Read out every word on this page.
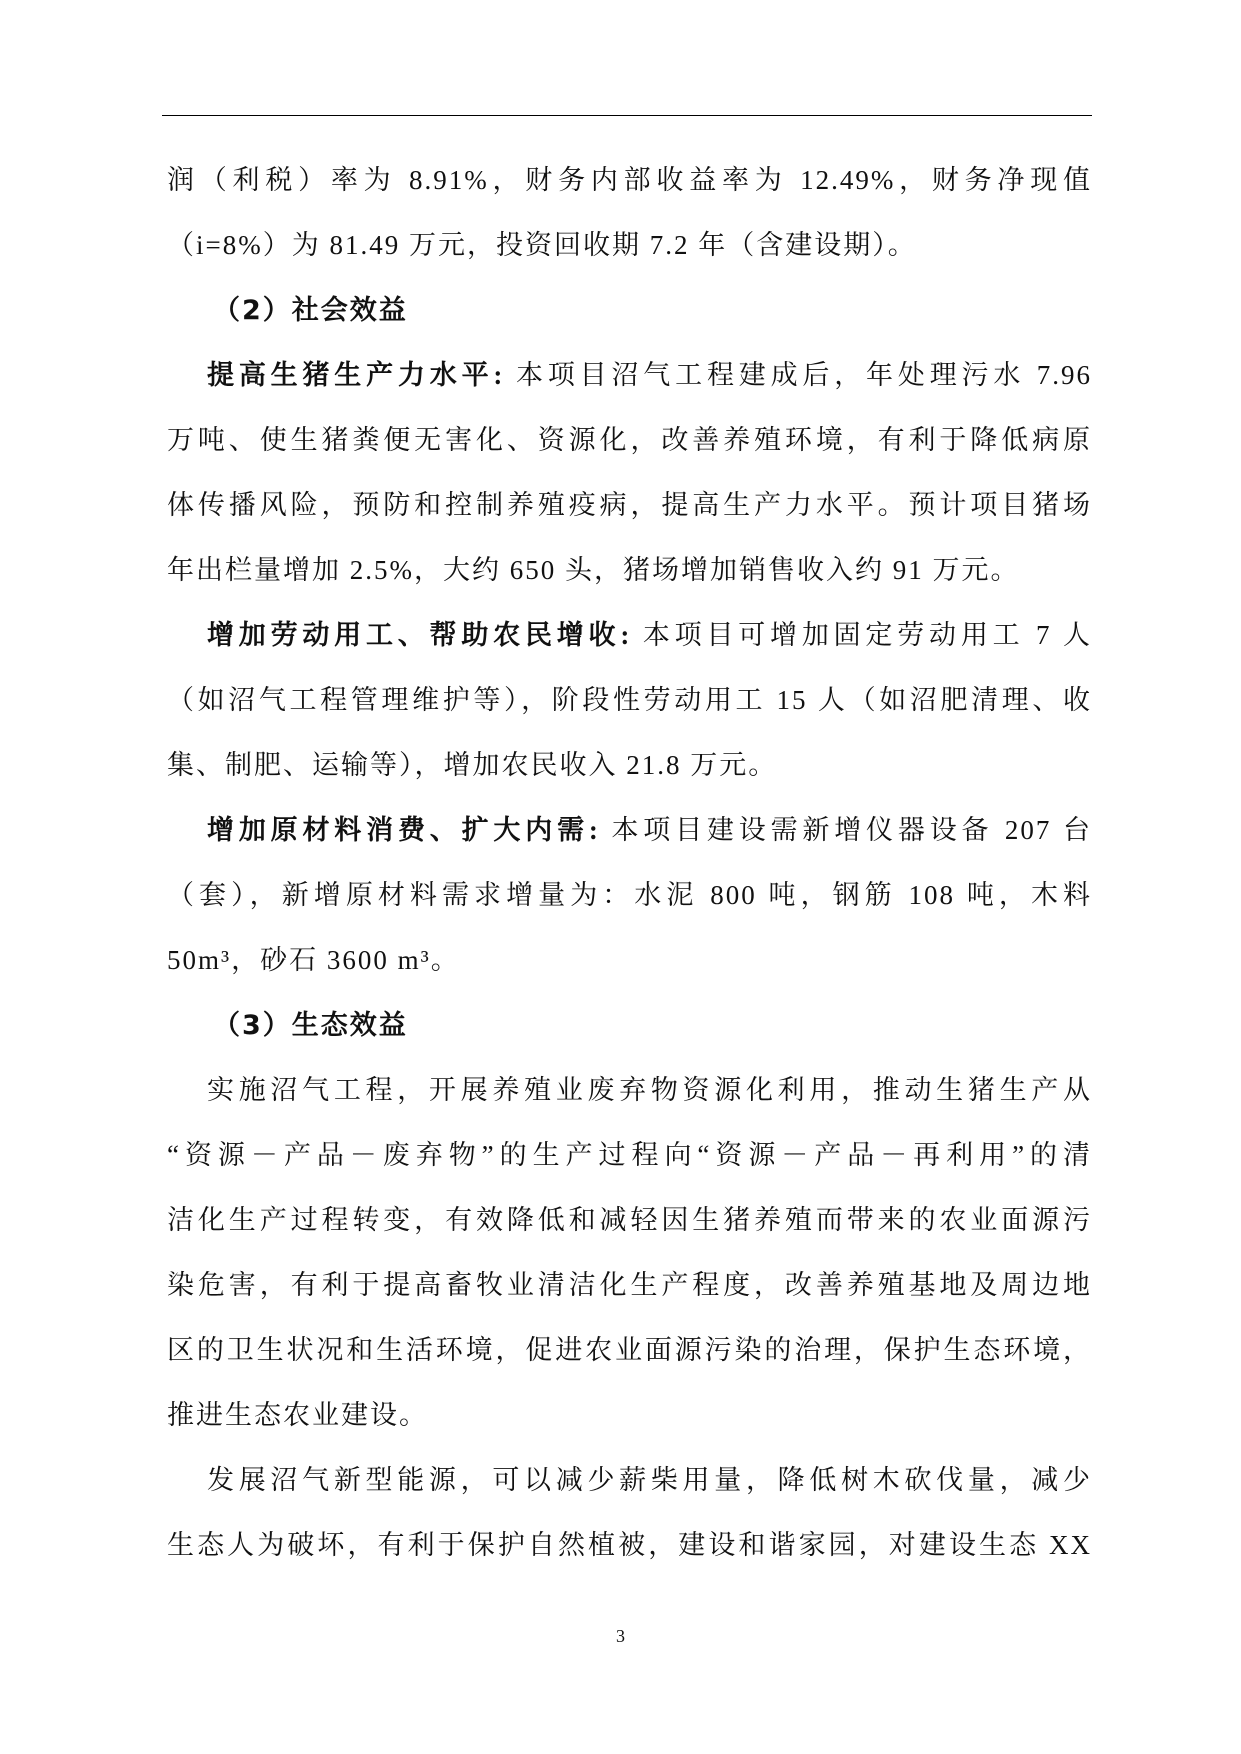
润（利税）率为 8.91%，财务内部收益率为 12.49%，财务净现值
（i=8%）为 81.49 万元，投资回收期 7.2 年（含建设期）。
（2）社会效益
提高生猪生产力水平: 本项目沼气工程建成后，年处理污水 7.96
万吨、使生猪粪便无害化、资源化，改善养殖环境，有利于降低病原
体传播风险，预防和控制养殖疫病，提高生产力水平。预计项目猪场
年出栏量增加 2.5%，大约 650 头，猪场增加销售收入约 91 万元。
增加劳动用工、帮助农民增收: 本项目可增加固定劳动用工 7 人
（如沼气工程管理维护等），阶段性劳动用工 15 人（如沼肥清理、收
集、制肥、运输等），增加农民收入 21.8 万元。
增加原材料消费、扩大内需: 本项目建设需新增仪器设备 207 台
（套），新增原材料需求增量为：水泥 800 吨，钢筋 108 吨，木料
50m³，砂石 3600 m³。
（3）生态效益
实施沼气工程，开展养殖业废弃物资源化利用，推动生猪生产从
“资源－产品－废弃物”的生产过程向“资源－产品－再利用”的清
洁化生产过程转变，有效降低和减轻因生猪养殖而带来的农业面源污
染危害，有利于提高畜牧业清洁化生产程度，改善养殖基地及周边地
区的卫生状况和生活环境，促进农业面源污染的治理，保护生态环境，
推进生态农业建设。
发展沼气新型能源，可以减少薪柴用量，降低树木砍伐量，减少
生态人为破坏，有利于保护自然植被，建设和谐家园，对建设生态 XX
3
